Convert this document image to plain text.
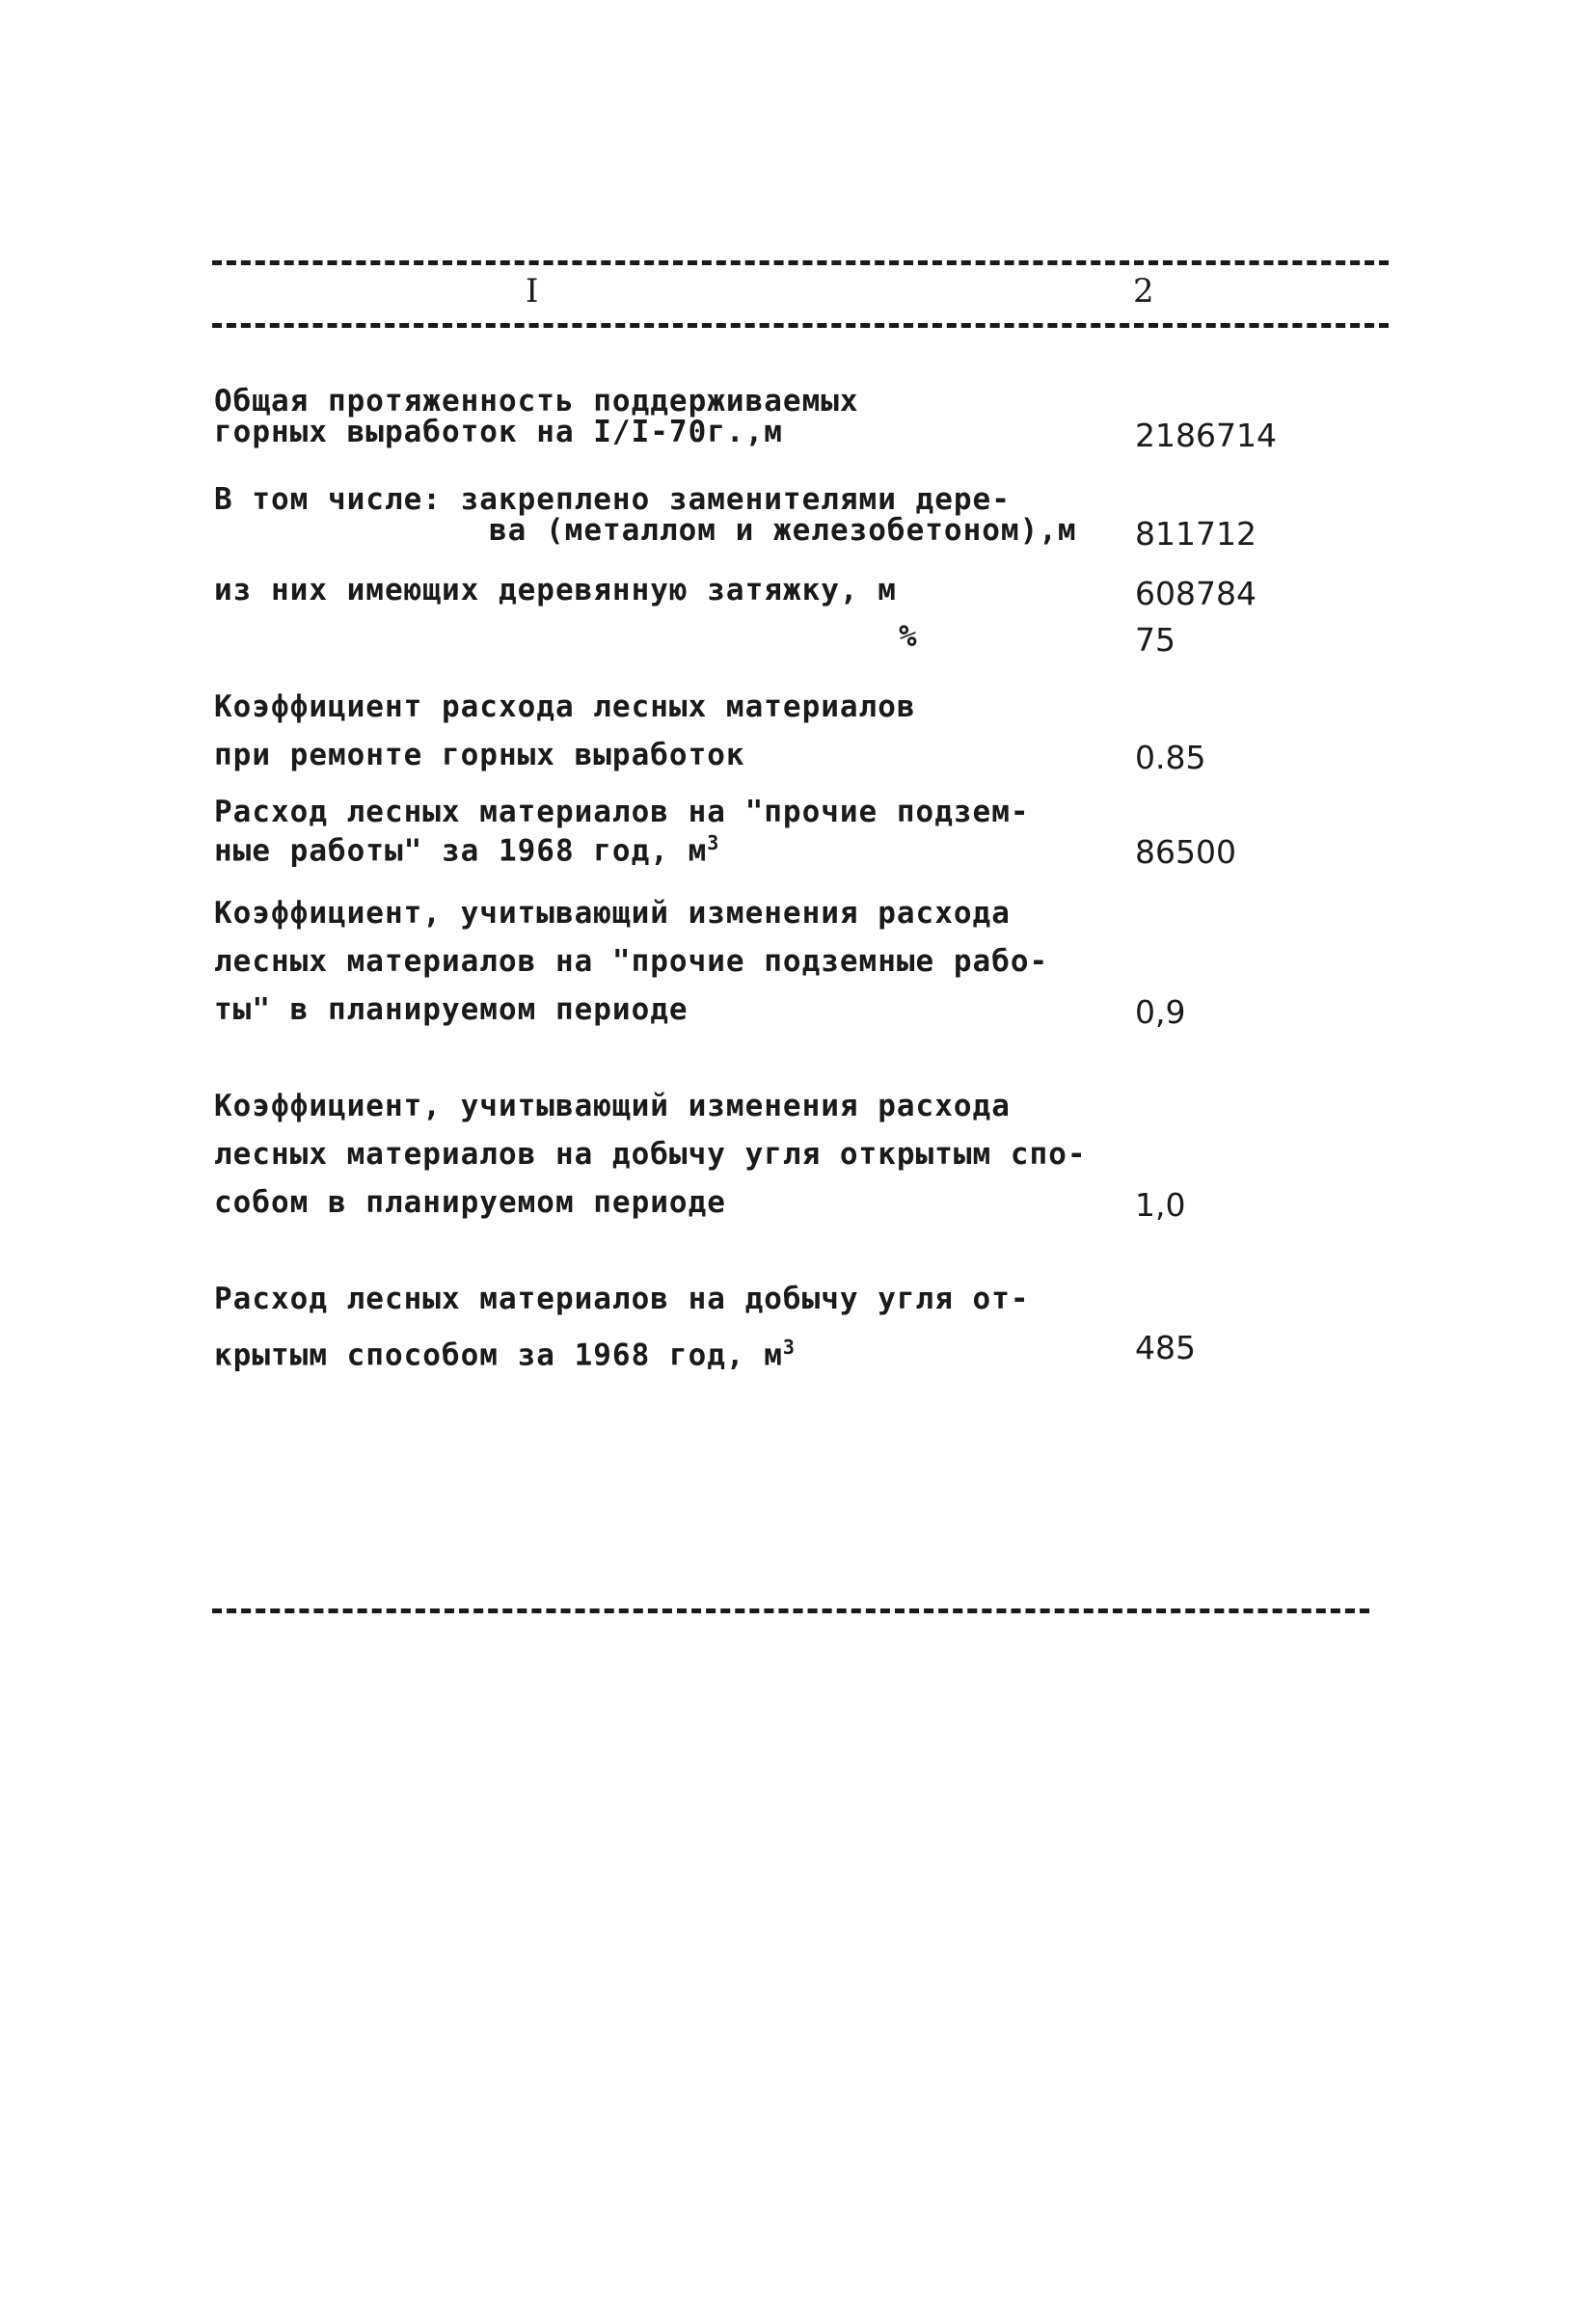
I	2
Общая протяженность поддерживаемых
горных выработок на I/I-70г.,м	2186714
В том числе: закреплено заменителями дере-
ва (металлом и железобетоном),м	811712
из них имеющих деревянную затяжку, м	608784
%	75
Коэффициент расхода лесных материалов
при ремонте горных выработок	0.85
Расход лесных материалов на "прочие подзем-
ные работы" за 1968 год, $м^3$	86500
Коэффициент, учитывающий изменения расхода
лесных материалов на "прочие подземные рабо-
ты" в планируемом периоде	0,9
Коэффициент, учитывающий изменения расхода
лесных материалов на добычу угля открытым спо-
собом в планируемом периоде	1,0
Расход лесных материалов на добычу угля от-
крытым способом за 1968 год, $м^3$	485
